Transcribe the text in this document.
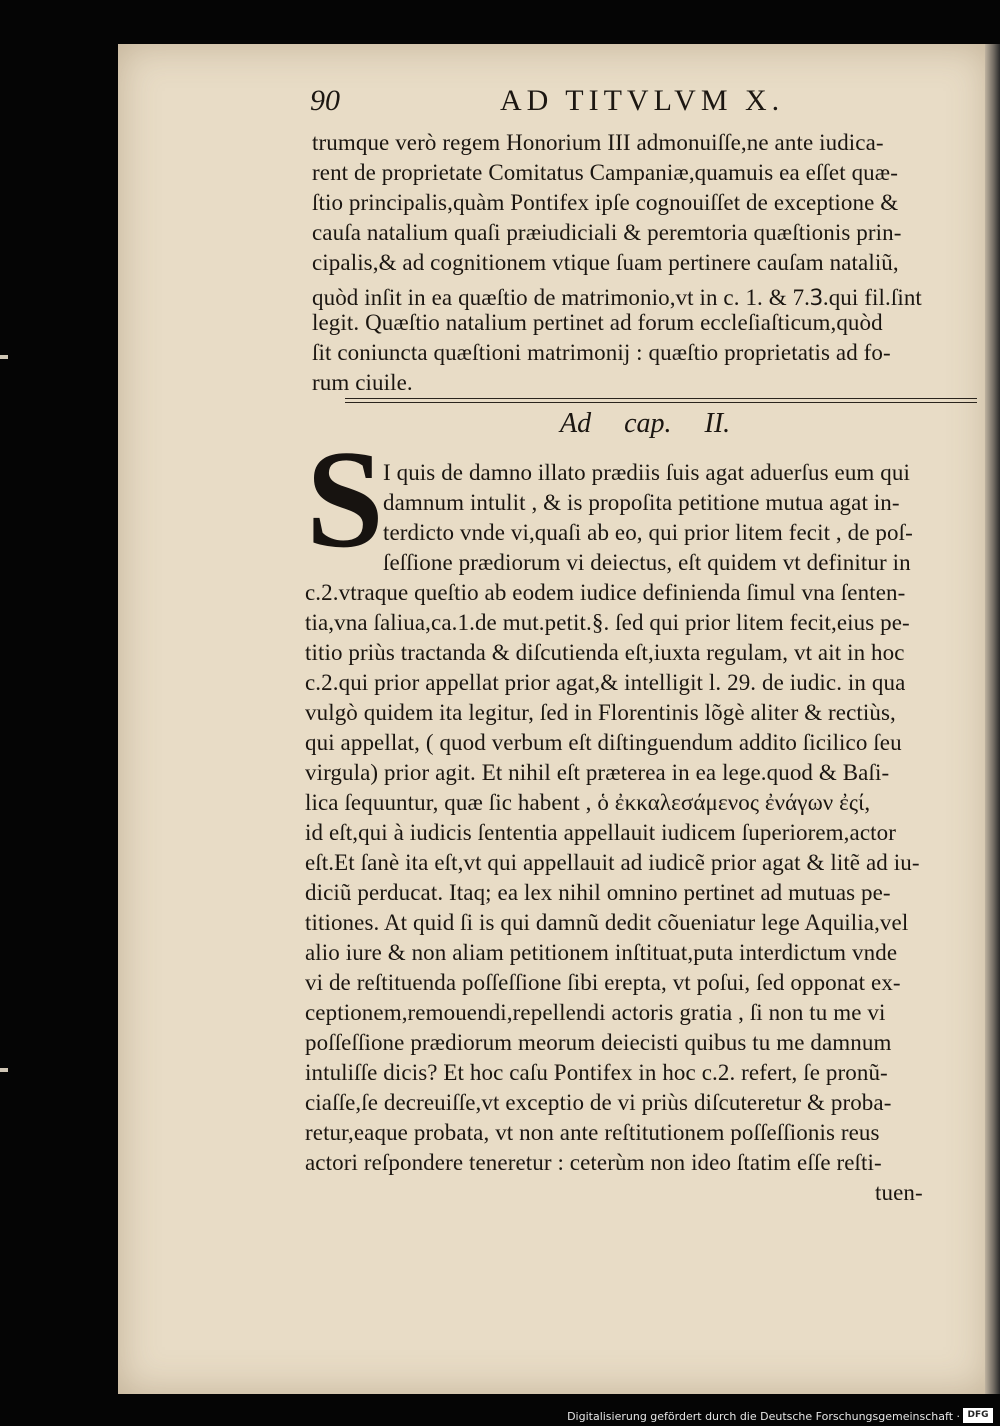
90	AD TITVLVM X.

trumque verò regem Honorium III admonuiſſe,ne ante iudica-

rent de proprietate Comitatus Campaniæ,quamuis ea eſſet quæ-

ſtio principalis,quàm Pontifex ipſe cognouiſſet de exceptione &

cauſa natalium quaſi præiudiciali & peremtoria quæſtionis prin-

cipalis,& ad cognitionem vtique ſuam pertinere cauſam nataliũ,

quòd inſit in ea quæſtio de matrimonio,vt in c. 1. & 7.Ꝫ.qui fil.ſint

legit. Quæſtio natalium pertinet ad forum eccleſiaſticum,quòd

ſit coniuncta quæſtioni matrimonij : quæſtio proprietatis ad fo-

rum ciuile.

Ad cap. II.
S I quis de damno illato prædiis ſuis agat aduerſus eum qui

damnum intulit , & is propoſita petitione mutua agat in-

terdicto vnde vi,quaſi ab eo, qui prior litem fecit , de poſ-

ſeſſione prædiorum vi deiectus, eſt quidem vt definitur in

c.2.vtraque queſtio ab eodem iudice definienda ſimul vna ſenten-

tia,vna ſaliua,ca.1.de mut.petit.§. ſed qui prior litem fecit,eius pe-

titio priùs tractanda & diſcutienda eſt,iuxta regulam, vt ait in hoc

c.2.qui prior appellat prior agat,& intelligit l. 29. de iudic. in qua

vulgò quidem ita legitur, ſed in Florentinis lõgè aliter & rectiùs,

qui appellat, ( quod verbum eſt diſtinguendum addito ſicilico ſeu

virgula) prior agit. Et nihil eſt præterea in ea lege.quod & Baſi-

lica ſequuntur, quæ ſic habent , ὁ ἐκκαλεσάμενος ἐνάγων ἐςί,

id eſt,qui à iudicis ſententia appellauit iudicem ſuperiorem,actor

eſt.Et ſanè ita eſt,vt qui appellauit ad iudicẽ prior agat & litẽ ad iu-

diciũ perducat. Itaq; ea lex nihil omnino pertinet ad mutuas pe-

titiones. At quid ſi is qui damnũ dedit cõueniatur lege Aquilia,vel

alio iure & non aliam petitionem inſtituat,puta interdictum vnde

vi de reſtituenda poſſeſſione ſibi erepta, vt poſui, ſed opponat ex-

ceptionem,remouendi,repellendi actoris gratia , ſi non tu me vi

poſſeſſione prædiorum meorum deiecisti quibus tu me damnum

intuliſſe dicis? Et hoc caſu Pontifex in hoc c.2. refert, ſe pronũ-

ciaſſe,ſe decreuiſſe,vt exceptio de vi priùs diſcuteretur & proba-

retur,eaque probata, vt non ante reſtitutionem poſſeſſionis reus

actori reſpondere teneretur : ceterùm non ideo ſtatim eſſe reſti-

tuen-

Digitalisierung gefördert durch die Deutsche Forschungsgemeinschaft · DFG
